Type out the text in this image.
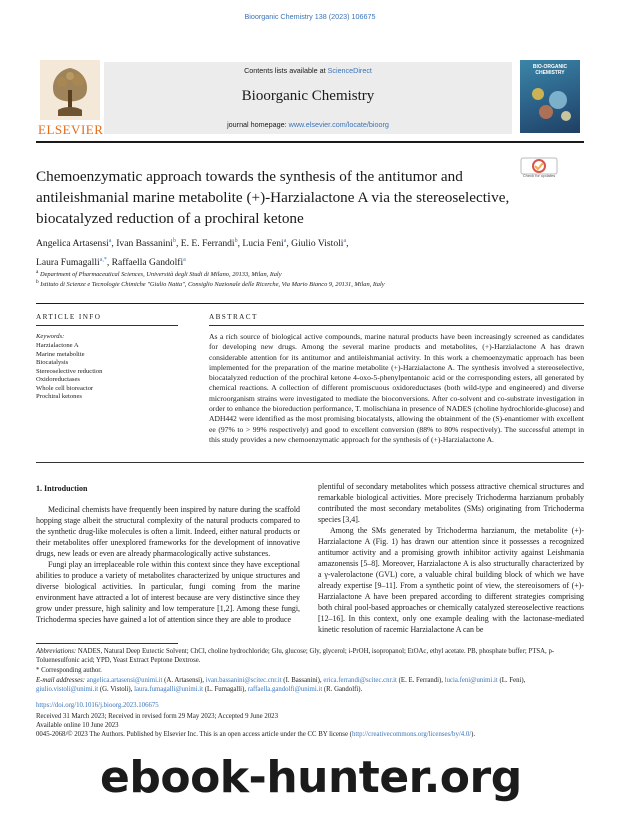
Bioorganic Chemistry 138 (2023) 106675
ELSEVIER
Contents lists available at ScienceDirect
Bioorganic Chemistry
journal homepage: www.elsevier.com/locate/bioorg
BIO-ORGANIC CHEMISTRY
Check for updates
Chemoenzymatic approach towards the synthesis of the antitumor and antileishmanial marine metabolite (+)-Harzialactone A via the stereoselective, biocatalyzed reduction of a prochiral ketone
Angelica Artasensi$^a$, Ivan Bassanini$^b$, E. E. Ferrandi$^b$, Lucia Feni$^a$, Giulio Vistoli$^a$,
Laura Fumagalli$^{a,*}$, Raffaella Gandolfi$^a$
$^a$ Department of Pharmaceutical Sciences, Università degli Studi di Milano, 20133, Milan, Italy
$^b$ Istituto di Scienze e Tecnologie Chimiche "Giulio Natta", Consiglio Nazionale delle Ricerche, Via Mario Bianco 9, 20131, Milan, Italy
ARTICLE INFO	ABSTRACT
Keywords:
Harzialactone A
Marine metabolite
Biocatalysis
Stereoselective reduction
Oxidoreductases
Whole cell bioreactor
Prochiral ketones
As a rich source of biological active compounds, marine natural products have been increasingly screened as candidates for developing new drugs. Among the several marine products and metabolites, (+)-Harzialactone A has drawn considerable attention for its antitumor and antileishmanial activity. In this work a chemoenzymatic approach has been implemented for the preparation of the marine metabolite (+)-Harzialactone A. The synthesis involved a stereoselective, biocatalyzed reduction of the prochiral ketone 4-oxo-5-phenylpentanoic acid or the corresponding esters, all generated by chemical reactions. A collection of different promiscuous oxidoreductases (both wild-type and engineered) and diverse microorganism strains were investigated to mediate the bioconversions. After co-solvent and co-substrate investigation in order to enhance the bioreduction performance, T. molischiana in presence of NADES (choline hydrochloride-glucose) and ADH442 were identified as the most promising biocatalysts, allowing the obtainment of the (S)-enantiomer with excellent ee (97% to > 99% respectively) and good to excellent conversion (88% to 80% respectively). The successful attempt in this study provides a new chemoenzymatic approach for the synthesis of (+)-Harzialactone A.
1. Introduction

Medicinal chemists have frequently been inspired by nature during the scaffold hopping stage albeit the structural complexity of the natural products compared to the synthetic drug-like molecules is often a limit. Indeed, either natural products or their metabolites offer unexplored frameworks for the development of innovative drugs, new leads or even are already pharmacologically active substances.

Fungi play an irreplaceable role within this context since they have exceptional abilities to produce a variety of metabolites characterized by unique structures and diverse biological activities. In particular, fungi coming from the marine environment have attracted a lot of interest because are very distinctive since they grow under pressure, high salinity and low temperature [1,2]. Among these fungi, Trichoderma species have gained a lot of attention since they are able to produce

plentiful of secondary metabolites which possess attractive chemical structures and remarkable biological activities. More precisely Trichoderma harzianum probably contributed the most secondary metabolites (SMs) originating from Trichoderma species [3,4].

Among the SMs generated by Trichoderma harzianum, the metabolite (+)-Harzialactone A (Fig. 1) has drawn our attention since it possesses a recognized antitumor activity and a promising growth inhibitor activity against Leishmania amazonensis [5–8]. Moreover, Harzialactone A is also structurally characterized by a γ-valerolactone (GVL) core, a valuable chiral building block of which we have already expertise [9–11]. From a synthetic point of view, the stereoisomers of (+)-Harzialactone A have been prepared according to different strategies comprising both chiral pool-based approaches or chemically catalyzed stereoselective reactions [12–16]. In this context, only one example dealing with the lactonase-mediated kinetic resolution of racemic Harzialactone A can be

Abbreviations: NADES, Natural Deep Eutectic Solvent; ChCl, choline hydrochloride; Glu, glucose; Gly, glycerol; i-PrOH, isopropanol; EtOAc, ethyl acetate. PB, phosphate buffer; PTSA, p-Toluenesulfonic acid; YPD, Yeast Extract Peptone Dextrose.
* Corresponding author.
E-mail addresses: angelica.artasensi@unimi.it (A. Artasensi), ivan.bassanini@scitec.cnr.it (I. Bassanini), erica.ferrandi@scitec.cnr.it (E. E. Ferrandi), lucia.feni@unimi.it (L. Feni), giulio.vistoli@unimi.it (G. Vistoli), laura.fumagalli@unimi.it (L. Fumagalli), raffaella.gandolfi@unimi.it (R. Gandolfi).
https://doi.org/10.1016/j.bioorg.2023.106675
Received 31 March 2023; Received in revised form 29 May 2023; Accepted 9 June 2023
Available online 10 June 2023
0045-2068/© 2023 The Authors. Published by Elsevier Inc. This is an open access article under the CC BY license (http://creativecommons.org/licenses/by/4.0/).
ebook-hunter.org
